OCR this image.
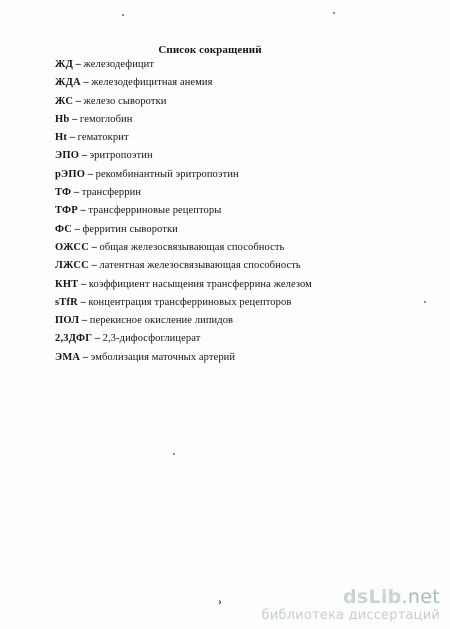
Список сокращений
ЖД – железодефицит
ЖДА – железодефицитная анемия
ЖС – железо сыворотки
Hb – гемоглобин
Ht – гематокрит
ЭПО – эритропоэтин
рЭПО – рекомбинантный эритропоэтин
ТФ – трансферрин
ТФР – трансферриновые рецепторы
ФС – ферритин сыворотки
ОЖСС – общая железосвязывающая способность
ЛЖСС – латентная железосвязывающая способность
КНТ – коэффициент насыщения трансферрина железом
sTfR – концентрация трансферриновых рецепторов
ПОЛ – перекисное окисление липидов
2,3ДФГ – 2,3-дифосфоглицерат
ЭМА – эмболизация маточных артерий
›	dsLib.net
библиотека диссертаций
